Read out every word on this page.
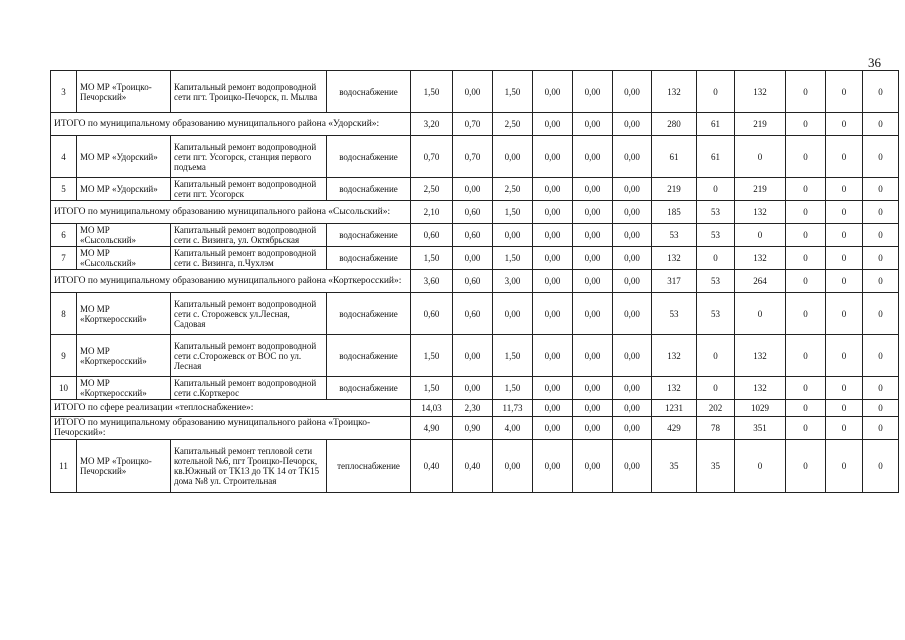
36
3	МО МР «Троицко-Печорский»	Капитальный ремонт водопроводной сети пгт. Троицко-Печорск, п. Мылва	водоснабжение	1,50	0,00	1,50	0,00	0,00	0,00	132	0	132	0	0	0
ИТОГО по муниципальному образованию муниципального района «Удорский»:				3,20	0,70	2,50	0,00	0,00	0,00	280	61	219	0	0	0
4	МО МР «Удорский»	Капитальный ремонт водопроводной сети пгт. Усогорск, станция первого подъема	водоснабжение	0,70	0,70	0,00	0,00	0,00	0,00	61	61	0	0	0	0
5	МО МР «Удорский»	Капитальный ремонт водопроводной сети пгт. Усогорск	водоснабжение	2,50	0,00	2,50	0,00	0,00	0,00	219	0	219	0	0	0
ИТОГО по муниципальному образованию муниципального района «Сысольский»:				2,10	0,60	1,50	0,00	0,00	0,00	185	53	132	0	0	0
6	МО МР «Сысольский»	Капитальный ремонт водопроводной сети с. Визинга, ул. Октябрьская	водоснабжение	0,60	0,60	0,00	0,00	0,00	0,00	53	53	0	0	0	0
7	МО МР «Сысольский»	Капитальный ремонт водопроводной сети с. Визинга, п.Чухлэм	водоснабжение	1,50	0,00	1,50	0,00	0,00	0,00	132	0	132	0	0	0
ИТОГО по муниципальному образованию муниципального района «Корткеросский»:				3,60	0,60	3,00	0,00	0,00	0,00	317	53	264	0	0	0
8	МО МР «Корткеросский»	Капитальный ремонт водопроводной сети с. Сторожевск ул.Лесная, Садовая	водоснабжение	0,60	0,60	0,00	0,00	0,00	0,00	53	53	0	0	0	0
9	МО МР «Корткеросский»	Капитальный ремонт водопроводной сети с.Сторожевск от ВОС по ул. Лесная	водоснабжение	1,50	0,00	1,50	0,00	0,00	0,00	132	0	132	0	0	0
10	МО МР «Корткеросский»	Капитальный ремонт водопроводной сети с.Корткерос	водоснабжение	1,50	0,00	1,50	0,00	0,00	0,00	132	0	132	0	0	0
ИТОГО по сфере реализации «теплоснабжение»:				14,03	2,30	11,73	0,00	0,00	0,00	1231	202	1029	0	0	0
ИТОГО по муниципальному образованию муниципального района «Троицко-Печорский»:				4,90	0,90	4,00	0,00	0,00	0,00	429	78	351	0	0	0
11	МО МР «Троицко-Печорский»	Капитальный ремонт тепловой сети котельной №6, пгт Троицко-Печорск, кв.Южный от ТК13 до ТК 14 от ТК15 дома №8 ул. Строительная	теплоснабжение	0,40	0,40	0,00	0,00	0,00	0,00	35	35	0	0	0	0
